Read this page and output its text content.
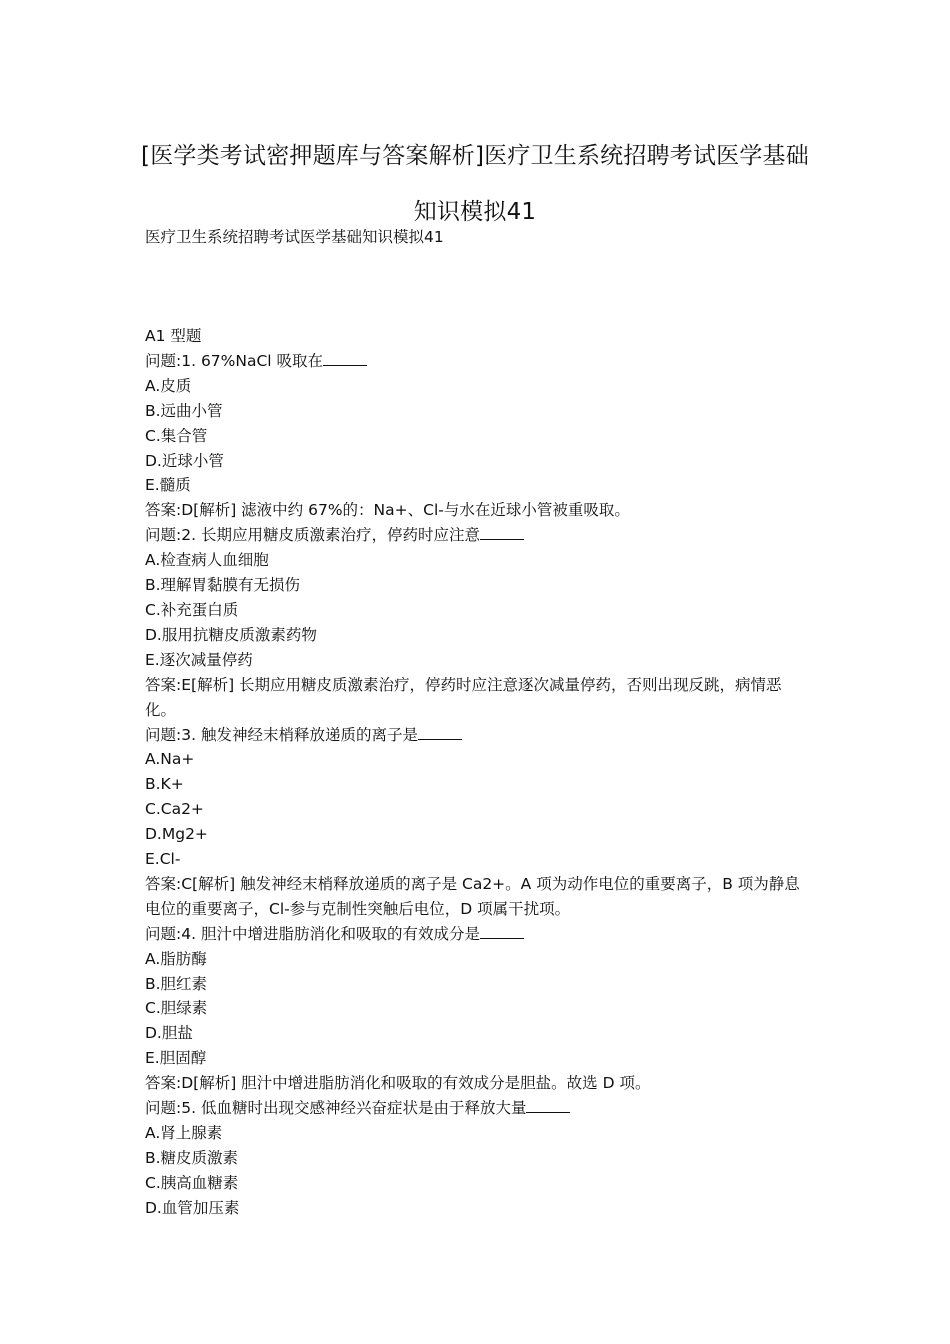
[医学类考试密押题库与答案解析]医疗卫生系统招聘考试医学基础
知识模拟41
医疗卫生系统招聘考试医学基础知识模拟41
A1 型题
问题:1. 67%NaCl 吸取在
A.皮质
B.远曲小管
C.集合管
D.近球小管
E.髓质
答案:D[解析] 滤液中约 67%的：Na+、Cl-与水在近球小管被重吸取。
问题:2. 长期应用糖皮质激素治疗，停药时应注意
A.检查病人血细胞
B.理解胃黏膜有无损伤
C.补充蛋白质
D.服用抗糖皮质激素药物
E.逐次减量停药
答案:E[解析] 长期应用糖皮质激素治疗，停药时应注意逐次减量停药，否则出现反跳，病情恶化。
问题:3. 触发神经末梢释放递质的离子是
A.Na+
B.K+
C.Ca2+
D.Mg2+
E.Cl-
答案:C[解析] 触发神经末梢释放递质的离子是 Ca2+。A 项为动作电位的重要离子，B 项为静息电位的重要离子，Cl-参与克制性突触后电位，D 项属干扰项。
问题:4. 胆汁中增进脂肪消化和吸取的有效成分是
A.脂肪酶
B.胆红素
C.胆绿素
D.胆盐
E.胆固醇
答案:D[解析] 胆汁中增进脂肪消化和吸取的有效成分是胆盐。故选 D 项。
问题:5. 低血糖时出现交感神经兴奋症状是由于释放大量
A.肾上腺素
B.糖皮质激素
C.胰高血糖素
D.血管加压素
